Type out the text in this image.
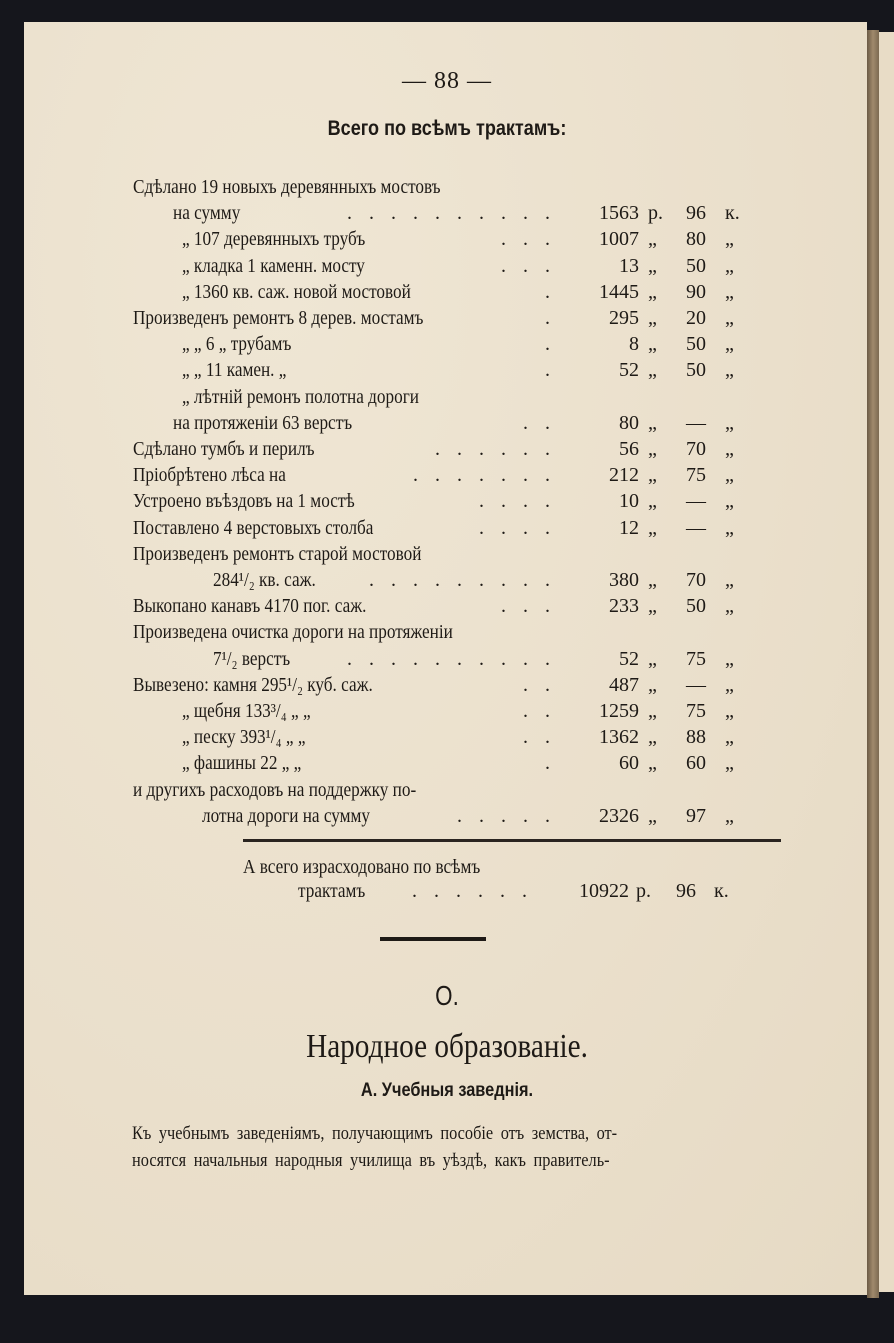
— 88 —
Всего по всѣмъ трактамъ:
Сдѣлано 19 новыхъ деревянныхъ мостовъ
на сумму	. . . . . . . . . . 1563 р.	96 к.
„ 107 деревянныхъ трубъ	. . . 1007 „	80 „
„ кладка 1 каменн. мосту	. . .	13 „	50 „
„ 1360 кв. саж. новой мостовой	. 1445 „	90 „
Произведенъ ремонтъ 8 дерев. мостамъ	.	295 „	20 „
„ „ 6 „ трубамъ	.	8 „	50 „
„ „ 11 камен. „	.	52 „	50 „
„ лѣтній ремонъ полотна дороги
на протяженіи 63 верстъ	. .	80 „	— „
Сдѣлано тумбъ и перилъ	. . . . . .	56 „	70 „
Пріобрѣтено лѣса на	. . . . . . .	212 „	75 „
Устроено въѣздовъ на 1 мостѣ	. . . .	10 „	— „
Поставлено 4 верстовыхъ столба	. . . .	12 „	— „
Произведенъ ремонтъ старой мостовой
284¹/₂ кв. саж.	. . . . . . . . .	380 „	70 „
Выкопано канавъ 4170 пог. саж.	. . .	233 „	50 „
Произведена очистка дороги на протяженіи
7¹/₂ верстъ	. . . . . . . . . .	52 „	75 „
Вывезено: камня 295¹/₂ куб. саж.	. .	487 „	— „
„ щебня 133³/₄ „ „	. . 1259 „	75 „
„ песку 393¹/₄ „ „	. . 1362 „	88 „
„ фашины 22 „ „	.	60 „	60 „
и другихъ расходовъ на поддержку по-
лотна дороги на сумму	. . . . . 2326 „	97 „
А всего израсходовано по всѣмъ
трактамъ . . . . . . 10922 р.	96 к.
О.
Народное образованіе.
А. Учебныя заведнія.
Къ учебнымъ заведеніямъ, получающимъ пособіе отъ земства, от-
носятся начальныя народныя училища въ уѣздѣ, какъ правитель-
